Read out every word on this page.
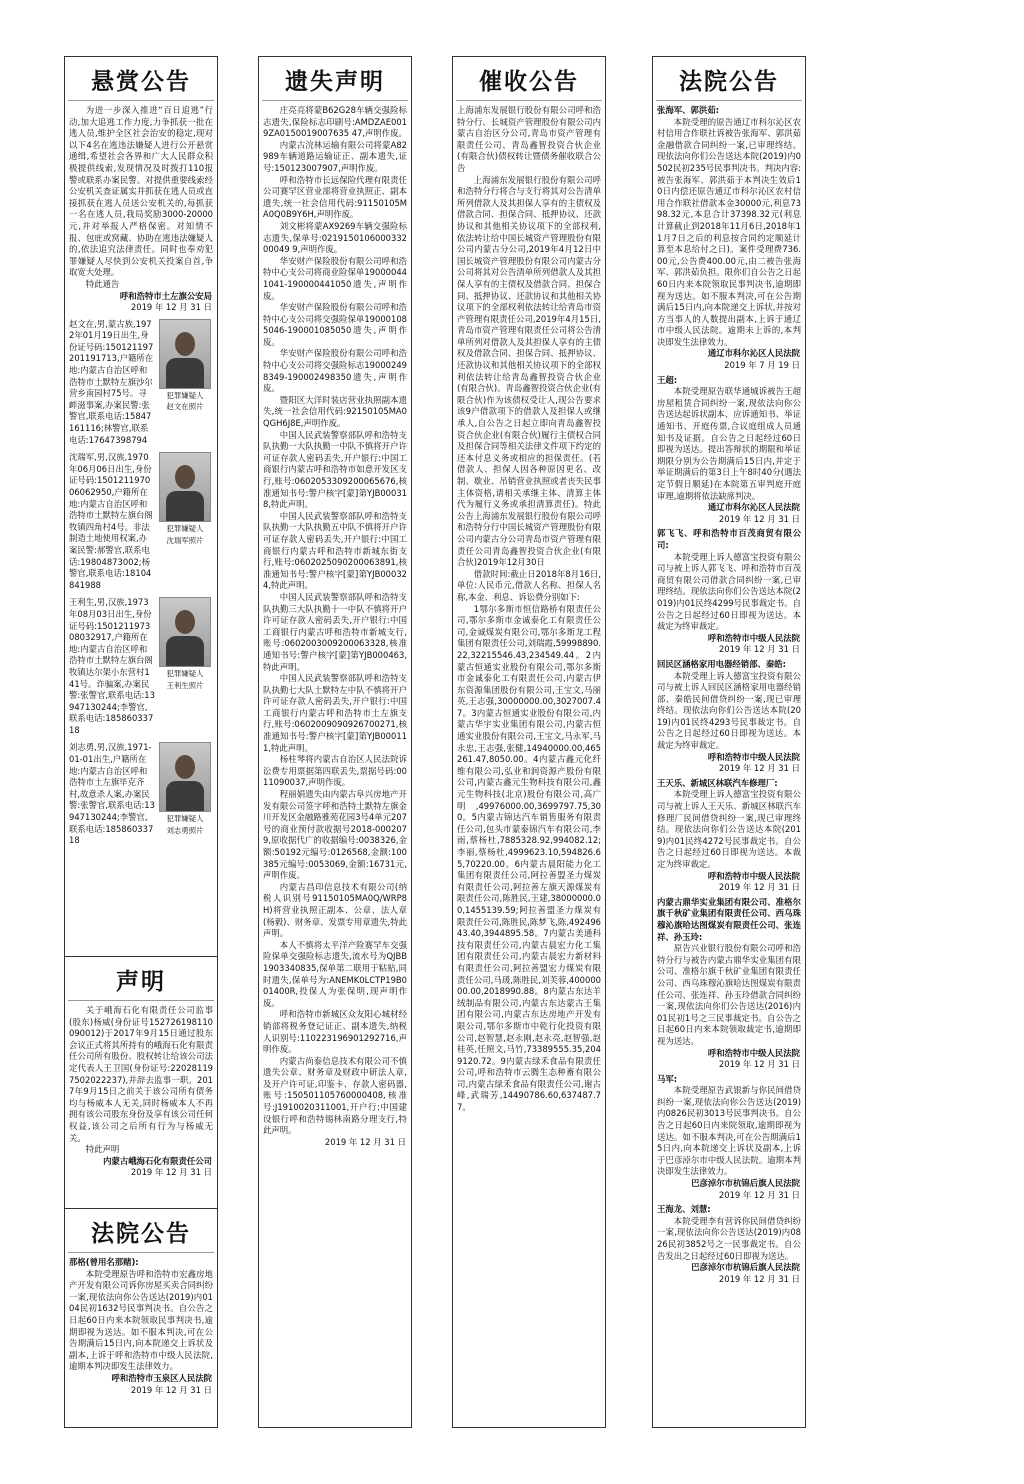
悬赏公告

为进一步深入推进“百日追逃”行动,加大追逃工作力度,力争抓获一批在逃人员,维护全区社会治安的稳定,现对以下4名在逃违法嫌疑人进行公开悬赏通缉,希望社会各界和广大人民群众积极提供线索,发现情况及时拨打110报警或联系办案民警。对提供重要线索经公安机关查证属实并抓获在逃人员或直接抓获在逃人员送公安机关的,每抓获一名在逃人员,我局奖励3000-20000元,并对举报人严格保密。对知情不报、包庇或窝藏、协助在逃违法嫌疑人的,依法追究法律责任。同时也奉劝犯罪嫌疑人尽快到公安机关投案自首,争取宽大处理。

特此通告

呼和浩特市土左旗公安局
2019 年 12 月 31 日
赵文在,男,蒙古族,1972年01月19日出生,身份证号码:150121197201191713,户籍所在地:内蒙古自治区呼和浩特市土默特左旗沙尔营乡南园村75号。寻衅滋事案,办案民警:张警官,联系电话:15847161116;林警官,联系电话:17647398794
犯罪嫌疑人
赵文在照片
沈瑞军,男,汉族,1970年06月06日出生,身份证号码:150121197006062950,户籍所在地:内蒙古自治区呼和浩特市土默特左旗台阁牧镇四角村4号。非法制造土地使用权案,办案民警:郝警官,联系电话:19804873002;杨警官,联系电话:18104841988
犯罪嫌疑人
沈瑞军照片
王利生,男,汉族,1973年08月03日出生,身份证号码:150121197308032917,户籍所在地:内蒙古自治区呼和浩特市土默特左旗台阁牧镇达尔架小东营村141号。诈骗案,办案民警:张警官,联系电话:13947130244;李警官,联系电话:18586033718
犯罪嫌疑人
王利生照片
刘志勇,男,汉族,1971-01-01出生,户籍所在地:内蒙古自治区呼和浩特市土左旗毕克齐村,故意杀人案,办案民警:张警官,联系电话:13947130244;李警官,联系电话:18586033718
犯罪嫌疑人
刘志勇照片
声明

关于峨海石化有限责任公司监事(股东)杨威(身份证号152726198110090012)于2017年9月15日通过股东会议正式将其所持有的峨海石化有限责任公司所有股份、股权转让给该公司法定代表人王卫国(身份证号:220281197502022237),并辞去监事一职。2017年9月15日之前关于该公司所有债务均与杨威本人无关,同时杨威本人不再拥有该公司股东身份及享有该公司任何权益,该公司之后所有行为与杨威无关。

特此声明

内蒙古峨海石化有限责任公司
2019 年 12 月 31 日
法院公告

那格(曾用名那赌):

本院受理原告呼和浩特市宏鑫房地产开发有限公司诉你房屋买卖合同纠纷一案,现依法向你公告送达(2019)内0104民初1632号民事判决书。自公告之日起60日内来本院领取民事判决书,逾期即视为送达。如不服本判决,可在公告期满后15日内,向本院递交上诉状及副本,上诉于呼和浩特市中级人民法院,逾期本判决即发生法律效力。

呼和浩特市玉泉区人民法院
2019 年 12 月 31 日
遗失声明

庄亮亮将蒙B62G28车辆交强险标志遗失,保险标志印刷号:AMDZAE0019ZA0150019007635 47,声明作废。

内蒙古浣林运输有限公司将蒙A82989车辆道路运输证正、副本遗失,证号:150123007907,声明作废。

呼和浩特市长远保险代理有限责任公司赛罕区营业部将营业执照正、副本遗失,统一社会信用代码:91150105MA0Q0B9Y6H,声明作废。

刘文彬将蒙AX9269车辆交强险标志遗失,保单号:021915010600033200049 9,声明作废。

华安财产保险股份有限公司呼和浩特中心支公司将商业险保单190000441041-190000441050遗失,声明作废。

华安财产保险股份有限公司呼和浩特中心支公司将交强险保单190001085046-190001085050遗失,声明作废。

华安财产保险股份有限公司呼和浩特中心支公司将交强险标志190002498349-190002498350遗失,声明作废。

暨阳区大洋时装店营业执照副本遗失,统一社会信用代码:92150105MA0QGH6J8E,声明作废。

中国人民武装警察部队呼和浩特支队执勤一大队执勤一中队不慎将开户许可证存款人密码丢失,开户银行:中国工商银行内蒙古呼和浩特市如意开发区支行,账号:0602053309200065676,核准通知书号:警户核字[蒙]第YJB000318,特此声明。

中国人民武装警察部队呼和浩特支队执勤一大队执勤五中队不慎将开户许可证存款人密码丢失,开户银行:中国工商银行内蒙古呼和浩特市新城东街支行,账号:0602025090200063891,核准通知书号:警户核字[蒙]第YJB000324,特此声明。

中国人民武装警察部队呼和浩特支队执勤三大队执勤十一中队不慎将开户许可证存款人密码丢失,开户银行:中国工商银行内蒙古呼和浩特市新城支行,账号:0602003009200063328,核准通知书号:警户核字[蒙]第YJB000463,特此声明。

中国人民武装警察部队呼和浩特支队执勤七大队土默特左中队不慎将开户许可证存款人密码丢失,开户银行:中国工商银行内蒙古呼和浩特市土左旗支行,账号:0602009090926700271,核准通知书号:警户核字[蒙]第YJB000111,特此声明。

杨柱琴将内蒙古自治区人民法院诉讼费专用票据第四联丢失,票据号码:0011090037,声明作废。

程丽娟遗失由内蒙古阜兴房地产开发有限公司签字呼和浩特土默特左旗金川开发区金融路雅苑花园3号4单元207号的商业预付款收据号2018-0002079,原收据代广的收据编号:0038326,金额:50192元编号:0126568,金额:100385元编号:0053069,金额:16731元,声明作废。

内蒙古昌印信息技术有限公司(纳税人识别号91150105MA0Q/WRP8H)将营业执照正副本、公章、法人章(杨毅)、财务章、发票专用章遗失,特此声明。

本人不慎将太平洋产险赛罕车交强险保单交强险标志遗失,流水号为QJBB1903340835,保单第二联用于粘贴,同时遗失,保单号为:ANEMK0LCTP19B001400R,投保人为张保明,现声明作废。

呼和浩特市新城区众友阳心城材经销部将税务登记证正、副本遗失,纳税人识别号:110223196901292716,声明作废。

内蒙古尚泰信息技术有限公司不慎遗失公章、财务章及财政中研法人章,及开户许可证,印鉴卡、存款人密码器,账号:150501105760000408,核准号:J1910020311001,开户行:中国建设银行呼和浩特锡林南路分理支行,特此声明。

2019 年 12 月 31 日
催收公告

上海浦东发展银行股份有限公司呼和浩特分行、长城资产管理股份有限公司内蒙古自治区分公司,青岛市资产管理有限责任公司、青岛鑫智投资合伙企业(有限合伙)债权转让暨债务催收联合公告

上海浦东发展银行股份有限公司呼和浩特分行将合与支行将其对公告清单所列借款人及其担保人享有的主债权及借款合同、担保合同、抵押协议、还款协议和其他相关协议项下的全部权利,依法转让给中国长城资产管理股份有限公司内蒙古分公司,2019年4月12日中国长城资产管理股份有限公司内蒙古分公司将其对公告清单所列借款人及其担保人享有的主债权及借款合同、担保合同、抵押协议、还款协议和其他相关协议项下的全部权利依法转让给青岛市资产管理有限责任公司,2019年4月15日,青岛市资产管理有限责任公司将公告清单所列对借款人及其担保人享有的主债权及借款合同、担保合同、抵押协议、还款协议和其他相关协议项下的全部权利依法转让给青岛鑫智投资合伙企业(有限合伙)。青岛鑫智投资合伙企业(有限合伙)作为该债权受让人,现公告要求该9户借款项下的借款人及担保人或继承人,自公告之日起立即向青岛鑫智投资合伙企业(有限合伙)履行主债权合同及担保合同等相关法律文件项下约定的还本付息义务或相应的担保责任。(若借款人、担保人因各种原因更名、改制、歇业、吊销营业执照或者丧失民事主体资格,请相关承继主体、清算主体代为履行义务或承担清算责任)。特此公告上海浦东发展银行股份有限公司呼和浩特分行中国长城资产管理股份有限公司内蒙古分公司青岛市资产管理有限责任公司青岛鑫智投资合伙企业(有限合伙)2019年12月30日

借款时间:截止日2018年8月16日,单位:人民币元,借款人名称、担保人名称,本金、利息、诉讼费分别如下:

1鄂尔多斯市恒信路桥有限责任公司,鄂尔多斯市金诚泰化工有限责任公司,金诚煤炭有限公司,鄂尔多斯龙工程集团有限责任公司,刘瑞霞,59998890.22,32215546.43,234549.44。2内蒙古恒通实业股份有限公司,鄂尔多斯市金诚泰化工有限责任公司,内蒙古伊东资源集团股份有限公司,王宝文,马丽英,王志强,30000000.00,3027007.47。3内蒙古恒通实业股份有限公司,内蒙古华宇实业集团有限公司,内蒙古恒通实业股份有限公司,王宝文,马永军,马永忠,王志强,张健,14940000.00,465261.47,8050.00。4内蒙古鑫元化纤维有限公司,弘业和润资源产股份有限公司,内蒙古鑫元生物科技有限公司,鑫元生物科技(北京)股份有限公司,高广明,49976000.00,3699797.75,300。5内蒙古锦达汽车销售服务有限责任公司,包头市蒙泰锦汽车有限公司,李雨,蔡杨杜,7885328.92,994082.12;李丽,蔡杨杜,4999623.10,594826.65,70220.00。6内蒙古晨阳能力化工集团有限责任公司,阿拉善盟圣力煤炭有限责任公司,阿拉善左旗天源煤炭有限责任公司,陈胜民,王建,38000000.00,1455139.59;阿拉善盟圣力煤炭有限责任公司,陈胜民,陈梦飞,陈,49249643.40,3944895.58。7内蒙古美通科技有限责任公司,内蒙古晨宏力化工集团有限责任公司,内蒙古晨宏力新材料有限责任公司,阿拉善盟宏力煤炭有限责任公司,马瑗,陈胜民,刘芙蓉,40000000.00,2018990.88。8内蒙古东达羊绒制品有限公司,内蒙古东达蒙古王集团有限公司,内蒙古东达房地产开发有限公司,鄂尔多斯市中乾行化投资有限公司,赵智慧,赵永刚,赵永亮,赵智强,赵桂英,任照文,马竹,73389555.35,2049120.72。9内蒙古绿禾食品有限责任公司,呼和浩特市云腾生态种畜有限公司,内蒙古绿禾食品有限责任公司,谢古峰,武瑞芳,14490786.60,637487.77。

法院公告

张海军、郭洪茹:

本院受理的原告通辽市科尔沁区农村信用合作联社诉被告张海军、郭洪茹金融借款合同纠纷一案,已审理终结。现依法向你们公告送达本院(2019)内0502民初235号民事判决书。判决内容:被告张海军、郭洪茹于本判决生效后10日内偿还原告通辽市科尔沁区农村信用合作联社借款本金30000元,利息7398.32元,本息合计37398.32元(利息计算截止到2018年11月6日,2018年11月7日之后的利息按合同约定顺延计算至本息给付之日)。案件受理费736.00元,公告费400.00元,由二被告张海军、郭洪茹负担。限你们自公告之日起60日内来本院领取民事判决书,逾期即视为送达。如不服本判决,可在公告期满后15日内,向本院递交上诉状,并按对方当事人的人数提出副本,上诉于通辽市中级人民法院。逾期未上诉的,本判决即发生法律效力。

通辽市科尔沁区人民法院
2019 年 7 月 19 日

王超:

本院受理原告联华通城诉被告王超房屋租赁合同纠纷一案,现依法向你公告送达起诉状副本、应诉通知书、举证通知书、开庭传票,合议庭组成人员通知书及证据。自公告之日起经过60日即视为送达。提出答辩状的期限和举证期限分别为公告期满后15日内,并定于举证期满后的第3日上午8时40分(遇法定节假日顺延)在本院第五审判庭开庭审理,逾期将依法缺席判决。

通辽市科尔沁区人民法院
2019 年 12 月 31 日

郭飞飞、呼和浩特市百茂商贸有限公司:

本院受理上诉人德富宝投资有限公司与被上诉人郭飞飞、呼和浩特市百茂商贸有限公司借款合同纠纷一案,已审理终结。现依法向你们公告送达本院(2019)内01民终4299号民事裁定书。自公告之日起经过60日即视为送达。本裁定为终审裁定。

呼和浩特市中级人民法院
2019 年 12 月 31 日

回民区涵格家用电器经销部、秦皓:

本院受理上诉人德富宝投资有限公司与被上诉人回民区涵格家用电器经销部、秦皓民间借贷纠纷一案,现已审理终结。现依法向你们公告送达本院(2019)内01民终4293号民事裁定书。自公告之日起经过60日即视为送达。本裁定为终审裁定。

呼和浩特市中级人民法院
2019 年 12 月 31 日

王天乐、新城区林联汽车修理厂:

本院受理上诉人德富宝投资有限公司与被上诉人王天乐、新城区林联汽车修理厂民间借贷纠纷一案,现已审理终结。现依法向你们公告送达本院(2019)内01民终4272号民事裁定书。自公告之日起经过60日即视为送达。本裁定为终审裁定。

呼和浩特市中级人民法院
2019 年 12 月 31 日

内蒙古鼎华实业集团有限公司、准格尔旗千秋矿业集团有限责任公司、西乌珠穆沁旗哈达图煤炭有限责任公司、张连祥、孙玉玲:

原告兴业银行股份有限公司呼和浩特分行与被告内蒙古鼎华实业集团有限公司、准格尔旗千秋矿业集团有限责任公司、西乌珠穆沁旗哈达图煤炭有限责任公司、张连祥、孙玉玲借款合同纠纷一案,现依法向你们公告送达(2016)内01民初1号之三民事裁定书。自公告之日起60日内来本院领取裁定书,逾期即视为送达。

呼和浩特市中级人民法院
2019 年 12 月 31 日

马军:

本院受理原告武银新与你民间借贷纠纷一案,现依法向你公告送达(2019)内0826民初3013号民事判决书。自公告之日起60日内来院领取,逾期即视为送达。如不服本判决,可在公告期满后15日内,向本院递交上诉状及副本,上诉于巴彦淖尔市中级人民法院。逾期本判决即发生法律效力。

巴彦淖尔市杭锦后旗人民法院
2019 年 12 月 31 日

王海龙、刘慧:

本院受理李有营诉你民间借贷纠纷一案,现依法向你公告送达(2019)内0826民初3852号之一民事裁定书。自公告发出之日起经过60日即视为送达。

巴彦淖尔市杭锦后旗人民法院
2019 年 12 月 31 日
